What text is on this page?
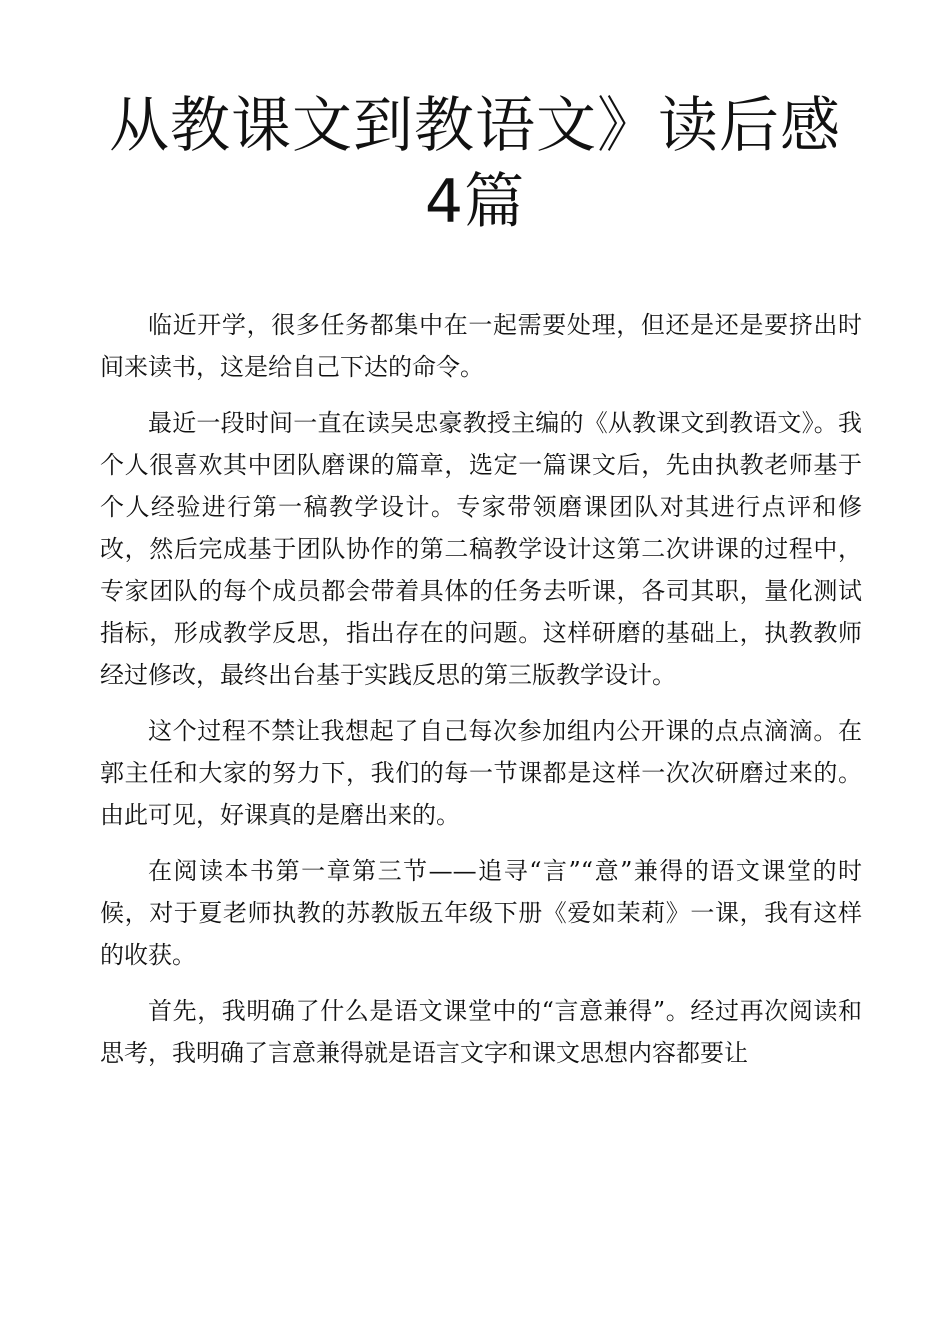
从教课文到教语文》读后感
4篇

临近开学，很多任务都集中在一起需要处理，但还是还是要挤出时间来读书，这是给自己下达的命令。

最近一段时间一直在读吴忠豪教授主编的《从教课文到教语文》。我个人很喜欢其中团队磨课的篇章，选定一篇课文后，先由执教老师基于个人经验进行第一稿教学设计。专家带领磨课团队对其进行点评和修改，然后完成基于团队协作的第二稿教学设计这第二次讲课的过程中，专家团队的每个成员都会带着具体的任务去听课，各司其职，量化测试指标，形成教学反思，指出存在的问题。这样研磨的基础上，执教教师经过修改，最终出台基于实践反思的第三版教学设计。

这个过程不禁让我想起了自己每次参加组内公开课的点点滴滴。在郭主任和大家的努力下，我们的每一节课都是这样一次次研磨过来的。由此可见，好课真的是磨出来的。

在阅读本书第一章第三节——追寻“言”“意”兼得的语文课堂的时候，对于夏老师执教的苏教版五年级下册《爱如茉莉》一课，我有这样的收获。

首先，我明确了什么是语文课堂中的“言意兼得”。经过再次阅读和思考，我明确了言意兼得就是语言文字和课文思想内容都要让
